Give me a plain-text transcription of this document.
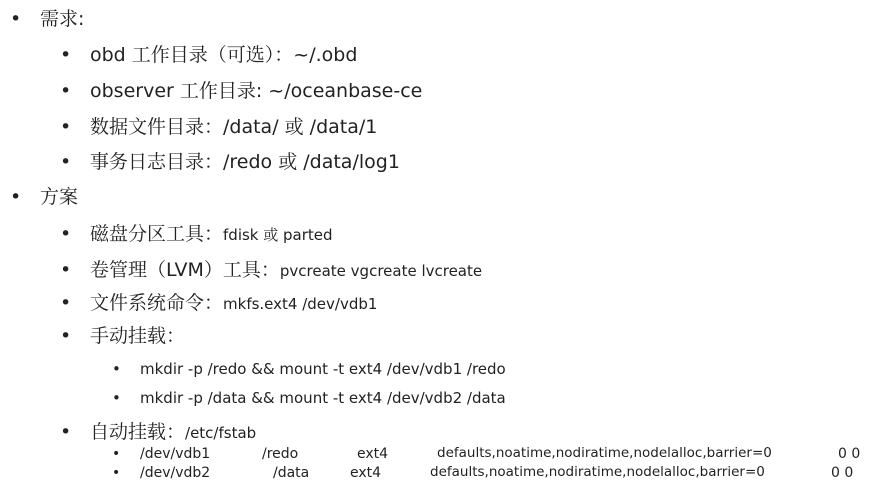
• 需求:
• obd 工作目录（可选）：~/.obd
• observer 工作目录: ~/oceanbase-ce
• 数据文件目录：/data/ 或 /data/1
• 事务日志目录：/redo 或 /data/log1
• 方案
• 磁盘分区工具：fdisk 或 parted
• 卷管理（LVM）工具：pvcreate vgcreate lvcreate
• 文件系统命令：mkfs.ext4 /dev/vdb1
• 手动挂载：
• mkdir -p /redo && mount -t ext4 /dev/vdb1 /redo
• mkdir -p /data && mount -t ext4 /dev/vdb2 /data
• 自动挂载：/etc/fstab
• /dev/vdb1	/redo	ext4	defaults,noatime,nodiratime,nodelalloc,barrier=0	0 0
• /dev/vdb2	/data	ext4	defaults,noatime,nodiratime,nodelalloc,barrier=0	0 0
